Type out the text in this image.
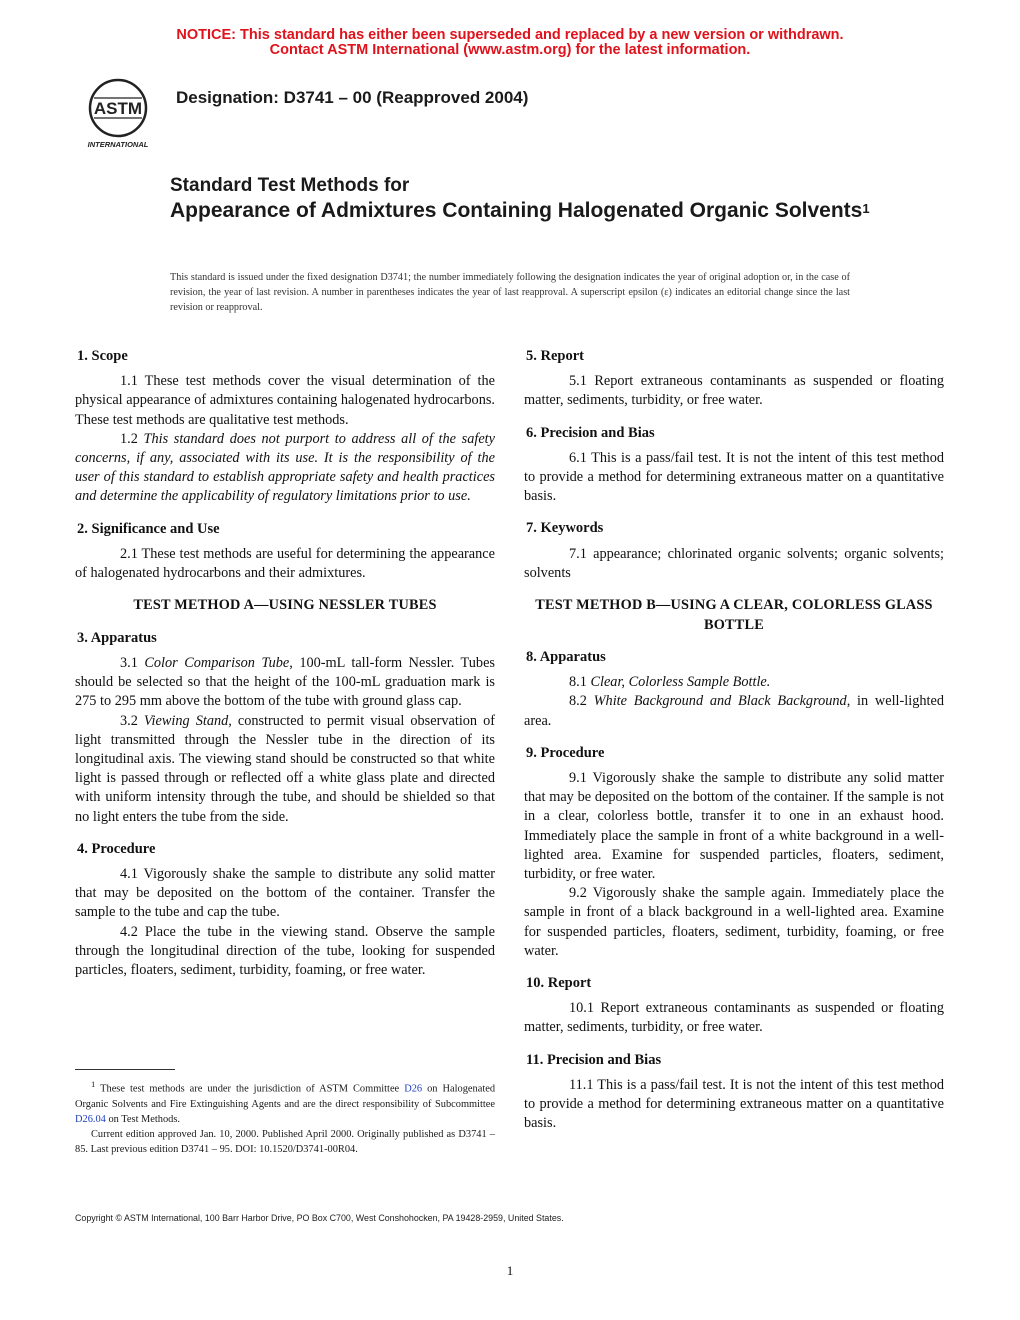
NOTICE: This standard has either been superseded and replaced by a new version or withdrawn.
Contact ASTM International (www.astm.org) for the latest information.
ASTM
INTERNATIONAL
Designation: D3741 – 00 (Reapproved 2004)
Standard Test Methods for
Appearance of Admixtures Containing Halogenated Organic Solvents$^1$
This standard is issued under the fixed designation D3741; the number immediately following the designation indicates the year of original adoption or, in the case of revision, the year of last revision. A number in parentheses indicates the year of last reapproval. A superscript epsilon (ε) indicates an editorial change since the last revision or reapproval.
1. Scope

1.1 These test methods cover the visual determination of the physical appearance of admixtures containing halogenated hydrocarbons. These test methods are qualitative test methods.

1.2 This standard does not purport to address all of the safety concerns, if any, associated with its use. It is the responsibility of the user of this standard to establish appropriate safety and health practices and determine the applicability of regulatory limitations prior to use.

2. Significance and Use

2.1 These test methods are useful for determining the appearance of halogenated hydrocarbons and their admixtures.

TEST METHOD A—USING NESSLER TUBES
3. Apparatus

3.1 Color Comparison Tube, 100-mL tall-form Nessler. Tubes should be selected so that the height of the 100-mL graduation mark is 275 to 295 mm above the bottom of the tube with ground glass cap.

3.2 Viewing Stand, constructed to permit visual observation of light transmitted through the Nessler tube in the direction of its longitudinal axis. The viewing stand should be constructed so that white light is passed through or reflected off a white glass plate and directed with uniform intensity through the tube, and should be shielded so that no light enters the tube from the side.

4. Procedure

4.1 Vigorously shake the sample to distribute any solid matter that may be deposited on the bottom of the container. Transfer the sample to the tube and cap the tube.

4.2 Place the tube in the viewing stand. Observe the sample through the longitudinal direction of the tube, looking for suspended particles, floaters, sediment, turbidity, foaming, or free water.

5. Report

5.1 Report extraneous contaminants as suspended or floating matter, sediments, turbidity, or free water.

6. Precision and Bias

6.1 This is a pass/fail test. It is not the intent of this test method to provide a method for determining extraneous matter on a quantitative basis.

7. Keywords

7.1 appearance; chlorinated organic solvents; organic solvents; solvents

TEST METHOD B—USING A CLEAR, COLORLESS GLASS BOTTLE
8. Apparatus

8.1 Clear, Colorless Sample Bottle.

8.2 White Background and Black Background, in well-lighted area.

9. Procedure

9.1 Vigorously shake the sample to distribute any solid matter that may be deposited on the bottom of the container. If the sample is not in a clear, colorless bottle, transfer it to one in an exhaust hood. Immediately place the sample in front of a white background in a well-lighted area. Examine for suspended particles, floaters, sediment, turbidity, or free water.

9.2 Vigorously shake the sample again. Immediately place the sample in front of a black background in a well-lighted area. Examine for suspended particles, floaters, sediment, turbidity, foaming, or free water.

10. Report

10.1 Report extraneous contaminants as suspended or floating matter, sediments, turbidity, or free water.

11. Precision and Bias

11.1 This is a pass/fail test. It is not the intent of this test method to provide a method for determining extraneous matter on a quantitative basis.

$^1$ These test methods are under the jurisdiction of ASTM Committee D26 on Halogenated Organic Solvents and Fire Extinguishing Agents and are the direct responsibility of Subcommittee D26.04 on Test Methods.

Current edition approved Jan. 10, 2000. Published April 2000. Originally published as D3741 – 85. Last previous edition D3741 – 95. DOI: 10.1520/D3741-00R04.

Copyright © ASTM International, 100 Barr Harbor Drive, PO Box C700, West Conshohocken, PA 19428-2959, United States.
1
